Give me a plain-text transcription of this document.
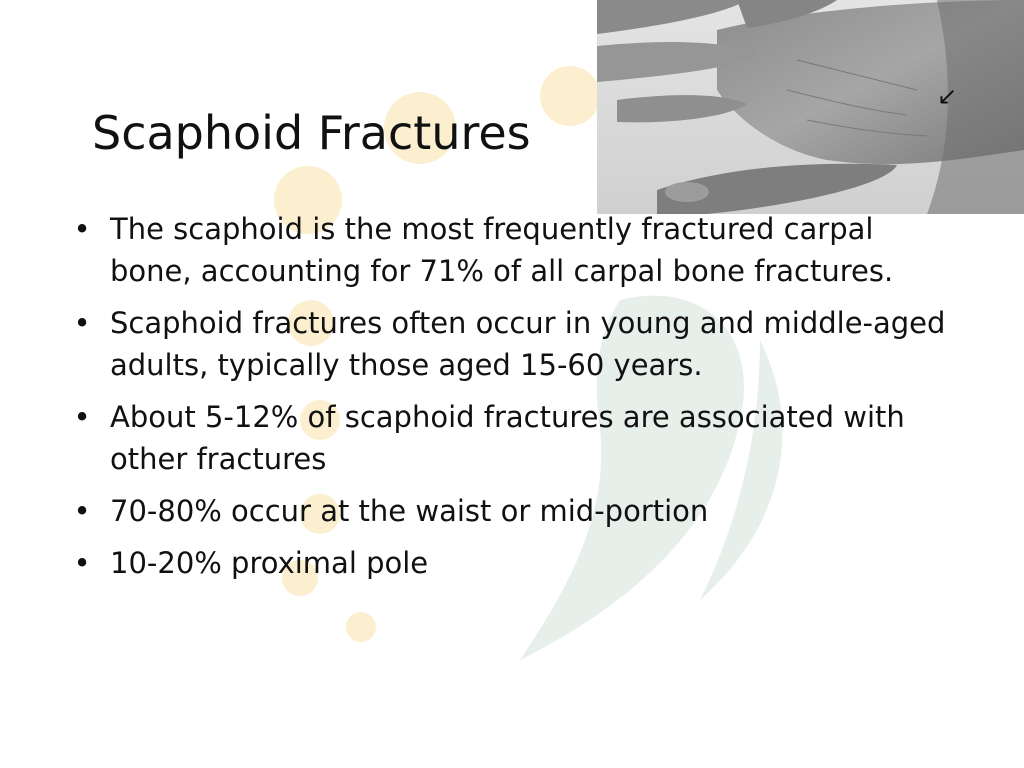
↙
Scaphoid Fractures
• The scaphoid is the most frequently fractured carpal bone, accounting for 71% of all carpal bone fractures.
• Scaphoid fractures often occur in young and middle-aged adults, typically those aged 15-60 years.
• About 5-12% of scaphoid fractures are associated with other fractures
• 70-80% occur at the waist or mid-portion
• 10-20% proximal pole
